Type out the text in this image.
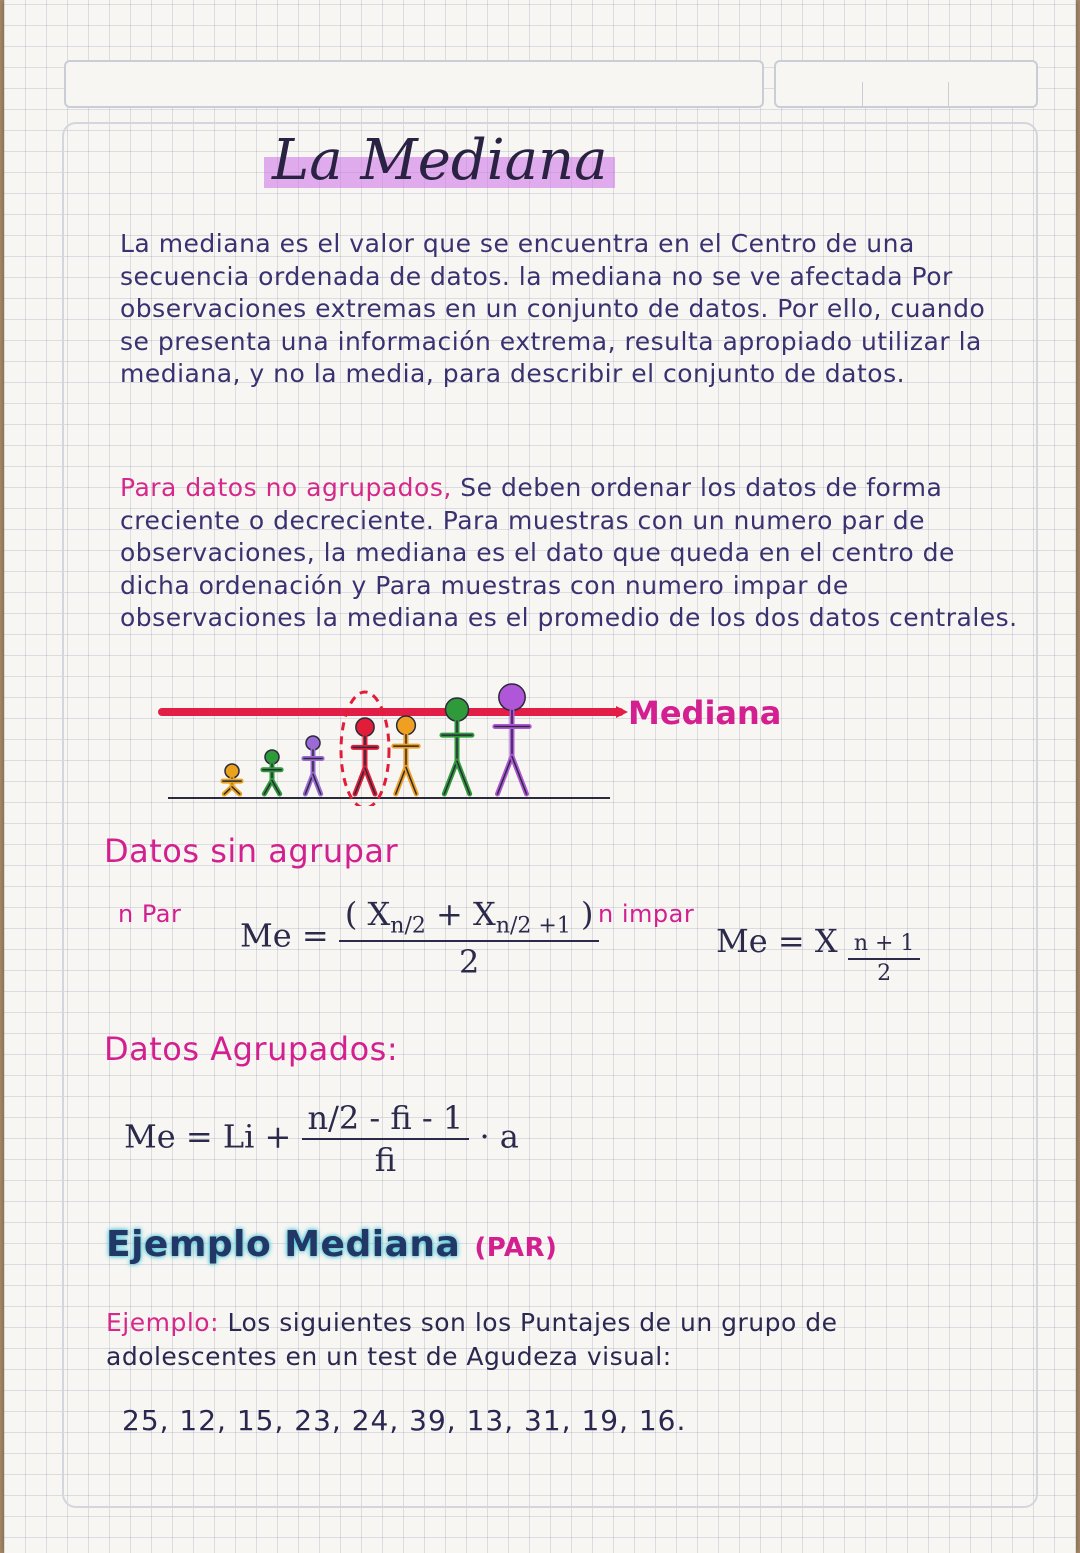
La Mediana
La mediana es el valor que se encuentra en el Centro de una secuencia ordenada de datos. la mediana no se ve afectada Por observaciones extremas en un conjunto de datos. Por ello, cuando se presenta una información extrema, resulta apropiado utilizar la mediana, y no la media, para describir el conjunto de datos.
Para datos no agrupados, Se deben ordenar los datos de forma creciente o decreciente. Para muestras con un numero par de observaciones, la mediana es el dato que queda en el centro de dicha ordenación y Para muestras con numero impar de observaciones la mediana es el promedio de los dos datos centrales.
Mediana
Datos sin agrupar
n Par	n impar
$Me = \frac{( X_{n/2} + X_{n/2 +1} )}{2}$	Me = X $\frac{n + 1}{2}$
Datos Agrupados:
$Me = Li + \frac{n/2 - fi - 1}{fi} \cdot a$
Ejemplo Mediana (PAR)
Ejemplo: Los siguientes son los Puntajes de un grupo de adolescentes en un test de Agudeza visual:
25, 12, 15, 23, 24, 39, 13, 31, 19, 16.
